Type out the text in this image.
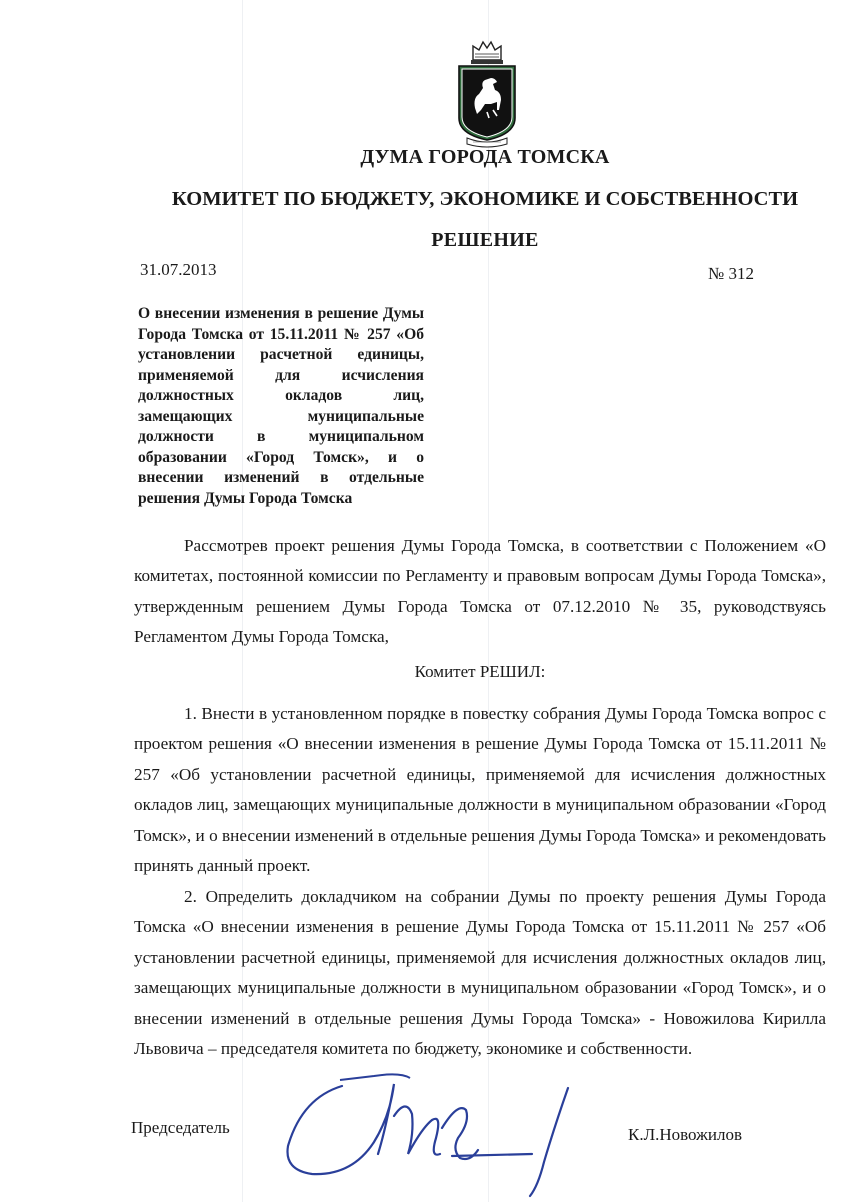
ДУМА ГОРОДА ТОМСКА
КОМИТЕТ ПО БЮДЖЕТУ, ЭКОНОМИКЕ И СОБСТВЕННОСТИ
РЕШЕНИЕ
31.07.2013	№ 312
О внесении изменения в решение Думы Города Томска от 15.11.2011 № 257 «Об установлении расчетной единицы, применяемой для исчисления должностных окладов лиц, замещающих муниципальные должности в муниципальном образовании «Город Томск», и о внесении изменений в отдельные решения Думы Города Томска
Рассмотрев проект решения Думы Города Томска, в соответствии с Положением «О комитетах, постоянной комиссии по Регламенту и правовым вопросам Думы Города Томска», утвержденным решением Думы Города Томска от 07.12.2010 № 35, руководствуясь Регламентом Думы Города Томска,
Комитет РЕШИЛ:
1. Внести в установленном порядке в повестку собрания Думы Города Томска вопрос с проектом решения «О внесении изменения в решение Думы Города Томска от 15.11.2011 № 257 «Об установлении расчетной единицы, применяемой для исчисления должностных окладов лиц, замещающих муниципальные должности в муниципальном образовании «Город Томск», и о внесении изменений в отдельные решения Думы Города Томска» и рекомендовать принять данный проект.
2. Определить докладчиком на собрании Думы по проекту решения Думы Города Томска «О внесении изменения в решение Думы Города Томска от 15.11.2011 № 257 «Об установлении расчетной единицы, применяемой для исчисления должностных окладов лиц, замещающих муниципальные должности в муниципальном образовании «Город Томск», и о внесении изменений в отдельные решения Думы Города Томска» - Новожилова Кирилла Львовича – председателя комитета по бюджету, экономике и собственности.
Председатель	К.Л.Новожилов
